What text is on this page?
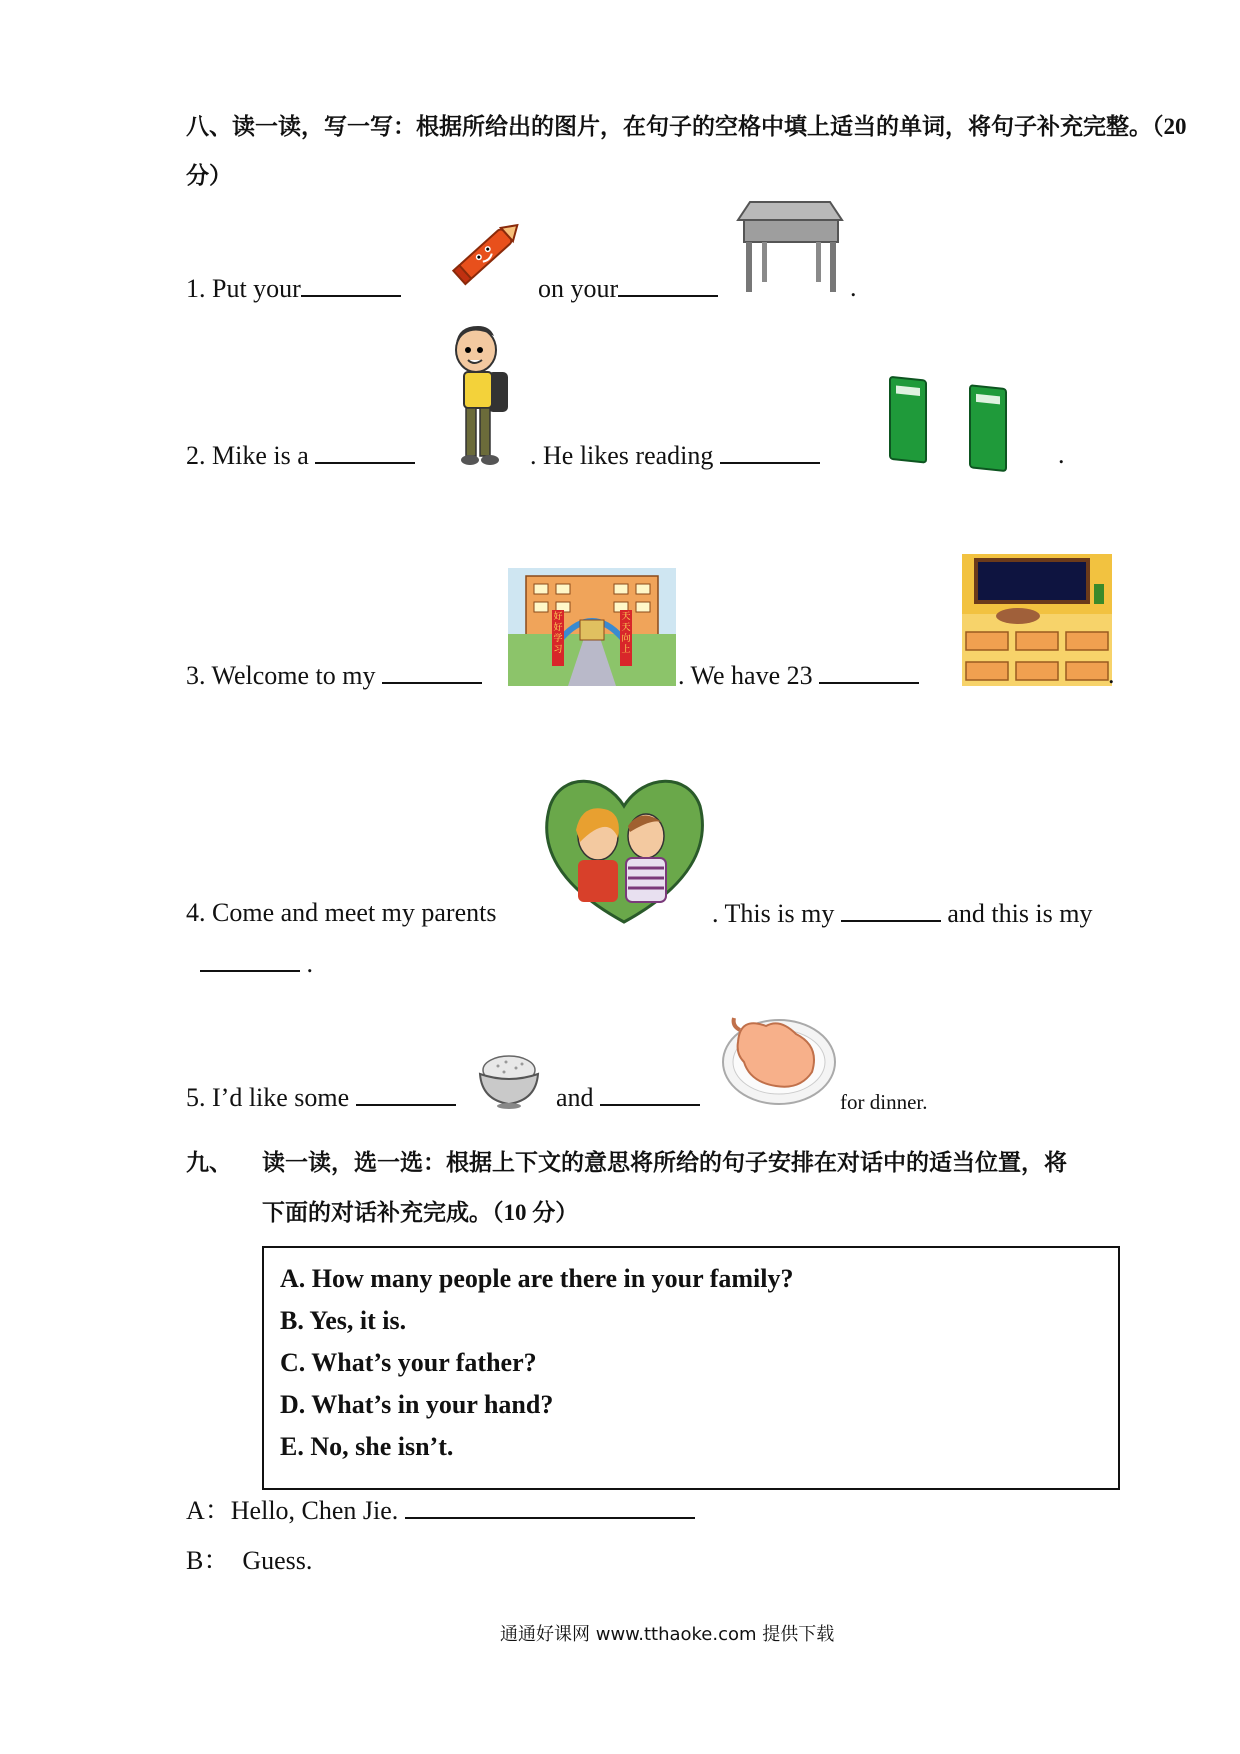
八、读一读，写一写：根据所给出的图片，在句子的空格中填上适当的单词，将句子补充完整。（20
分）
1. Put your	on your	.
2. Mike is a	. He likes reading	.
3. Welcome to my
好好学习
天天向上
. We have 23	.
4. Come and meet my parents	. This is my	and this is my
.
5. I’d like some	and	for dinner.
九、 读一读，选一选：根据上下文的意思将所给的句子安排在对话中的适当位置，将
下面的对话补充完成。（10 分）
A. How many people are there in your family?
B. Yes, it is.
C. What’s your father?
D. What’s in your hand?
E. No, she isn’t.
A：Hello, Chen Jie.
B： Guess.
通通好课网 www.tthaoke.com 提供下载
